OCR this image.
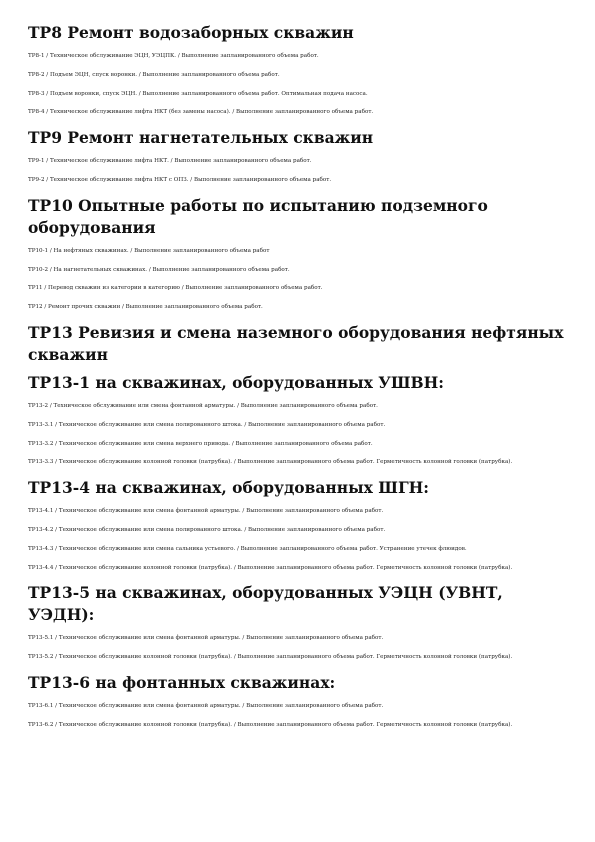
ТР8 Ремонт водозаборных скважин

ТР8-1 / Техническое обслуживание ЭЦН, УЭЦПК. / Выполнение запланированного объема работ.

ТР8-2 / Подъем ЭЦН, спуск воронки. / Выполнение запланированного объема работ.

ТР8-3 / Подъем воронки, спуск ЭЦН. / Выполнение запланированного объема работ. Оптимальная подача насоса.

ТР8-4 / Техническое обслуживание лифта НКТ (без замены насоса). / Выполнение запланированного объема работ.

ТР9 Ремонт нагнетательных скважин

ТР9-1 / Техническое обслуживание лифта НКТ. / Выполнение запланированного объема работ.

ТР9-2 / Техническое обслуживание лифта НКТ с ОПЗ. / Выполнение запланированного объема работ.

ТР10 Опытные работы по испытанию подземного оборудования

ТР10-1 / На нефтяных скважинах. / Выполнение запланированного объема работ

ТР10-2 / На нагнетательных скважинах. / Выполнение запланированного объема работ.

ТР11 / Перевод скважин из категории в категорию / Выполнение запланированного объема работ.

ТР12 / Ремонт прочих скважин / Выполнение запланированного объема работ.

ТР13 Ревизия и смена наземного оборудования нефтяных скважин
ТР13-1 на скважинах, оборудованных УШВН:

ТР13-2 / Техническое обслуживание или смена фонтанной арматуры. / Выполнение запланированного объема работ.

ТР13-3.1 / Техническое обслуживание или смена полированного штока. / Выполнение запланированного объема работ.

ТР13-3.2 / Техническое обслуживание или смена верхнего привода. / Выполнение запланированного объема работ.

ТР13-3.3 / Техническое обслуживание колонной головки (патрубка). / Выполнение запланированного объема работ. Герметичность колонной головки (патрубка).

ТР13-4 на скважинах, оборудованных ШГН:

ТР13-4.1 / Техническое обслуживание или смена фонтанной арматуры. / Выполнение запланированного объема работ.

ТР13-4.2 / Техническое обслуживание или смена полированного штока. / Выполнение запланированного объема работ.

ТР13-4.3 / Техническое обслуживание или смена сальника устьевого. / Выполнение запланированного объема работ. Устранение утечек флюидов.

ТР13-4.4 / Техническое обслуживание колонной головки (патрубка). / Выполнение запланированного объема работ. Герметичность колонной головки (патрубка).

ТР13-5 на скважинах, оборудованных УЭЦН (УВНТ, УЭДН):

ТР13-5.1 / Техническое обслуживание или смена фонтанной арматуры. / Выполнение запланированного объема работ.

ТР13-5.2 / Техническое обслуживание колонной головки (патрубка). / Выполнение запланированного объема работ. Герметичность колонной головки (патрубка).

ТР13-6 на фонтанных скважинах:

ТР13-6.1 / Техническое обслуживание или смена фонтанной арматуры. / Выполнение запланированного объема работ.

ТР13-6.2 / Техническое обслуживание колонной головки (патрубка). / Выполнение запланированного объема работ. Герметичность колонной головки (патрубка).
